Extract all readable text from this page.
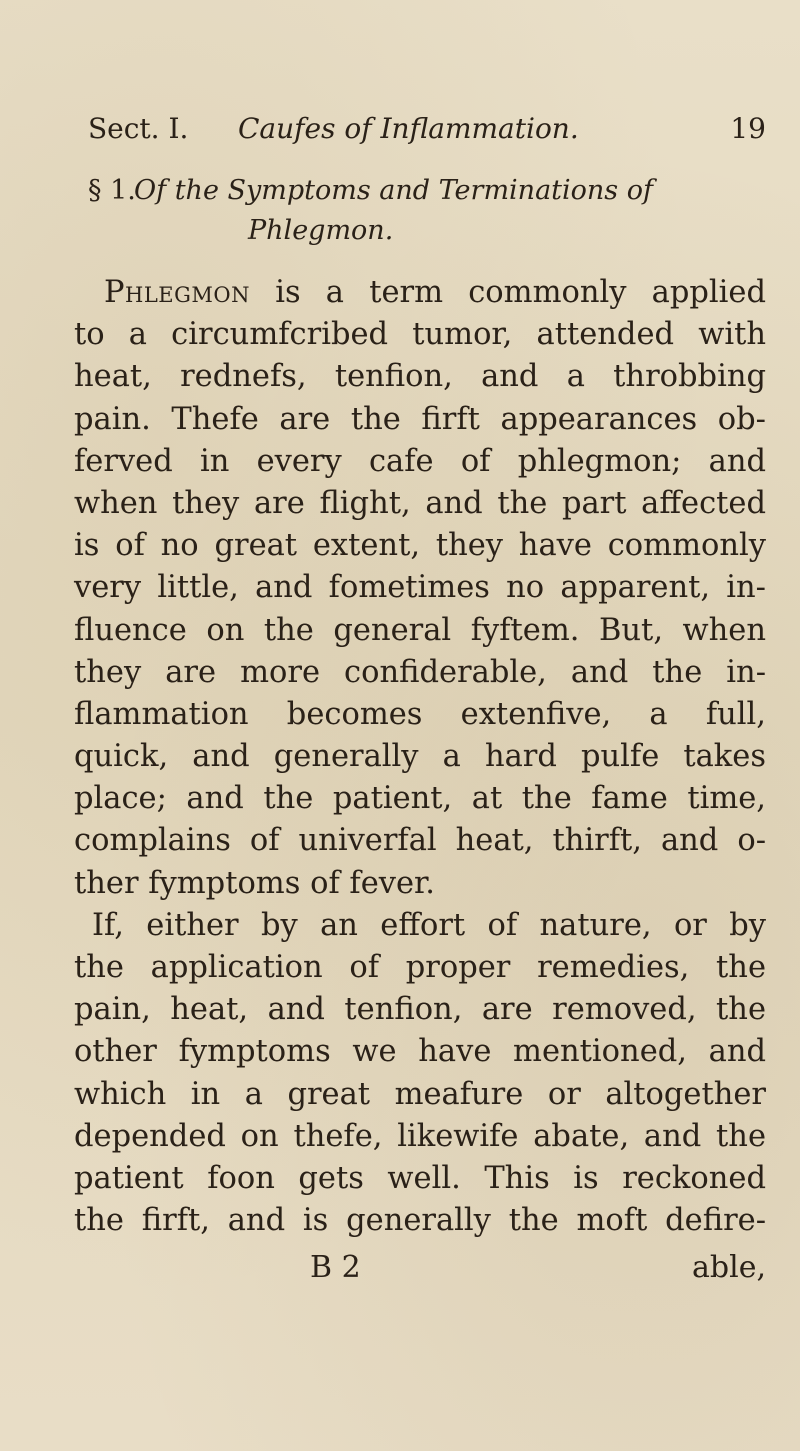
Sect. I. Caufes of Inflammation.	19
§ 1.
Of the Symptoms and Terminations of
Phlegmon.
Phlegmon is a term commonly applied
to a circumfcribed tumor, attended with
heat, rednefs, tenfion, and a throbbing
pain. Thefe are the firft appearances ob-
ferved in every cafe of phlegmon; and
when they are flight, and the part affected
is of no great extent, they have commonly
very little, and fometimes no apparent, in-
fluence on the general fyftem. But, when
they are more confiderable, and the in-
flammation becomes extenfive, a full,
quick, and generally a hard pulfe takes
place; and the patient, at the fame time,
complains of univerfal heat, thirft, and o-
ther fymptoms of fever.
If, either by an effort of nature, or by
the application of proper remedies, the
pain, heat, and tenfion, are removed, the
other fymptoms we have mentioned, and
which in a great meafure or altogether
depended on thefe, likewife abate, and the
patient foon gets well. This is reckoned
the firft, and is generally the moft defire-
B 2	able,
